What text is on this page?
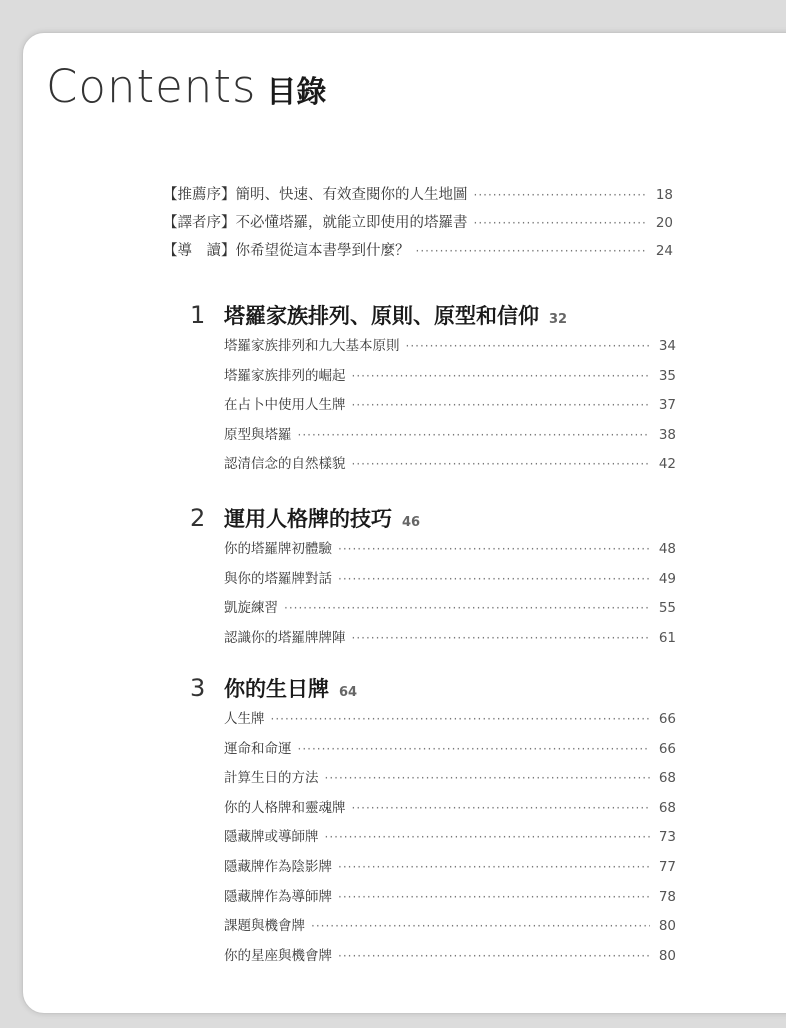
Contents 目錄
【推薦序】簡明、快速、有效查閱你的人生地圖 ·····	18
【譯者序】不必懂塔羅，就能立即使用的塔羅書 ·····	20
【導　讀】你希望從這本書學到什麼？ ·····	24
1 塔羅家族排列、原則、原型和信仰 32
塔羅家族排列和九大基本原則 ·····	34
塔羅家族排列的崛起 ·····	35
在占卜中使用人生牌 ·····	37
原型與塔羅 ·····	38
認清信念的自然樣貌 ·····	42
2 運用人格牌的技巧 46
你的塔羅牌初體驗 ·····	48
與你的塔羅牌對話 ·····	49
凱旋練習 ·····	55
認識你的塔羅牌牌陣 ·····	61
3 你的生日牌 64
人生牌 ·····	66
運命和命運 ·····	66
計算生日的方法 ·····	68
你的人格牌和靈魂牌 ·····	68
隱藏牌或導師牌 ·····	73
隱藏牌作為陰影牌 ·····	77
隱藏牌作為導師牌 ·····	78
課題與機會牌 ·····	80
你的星座與機會牌 ·····	80
